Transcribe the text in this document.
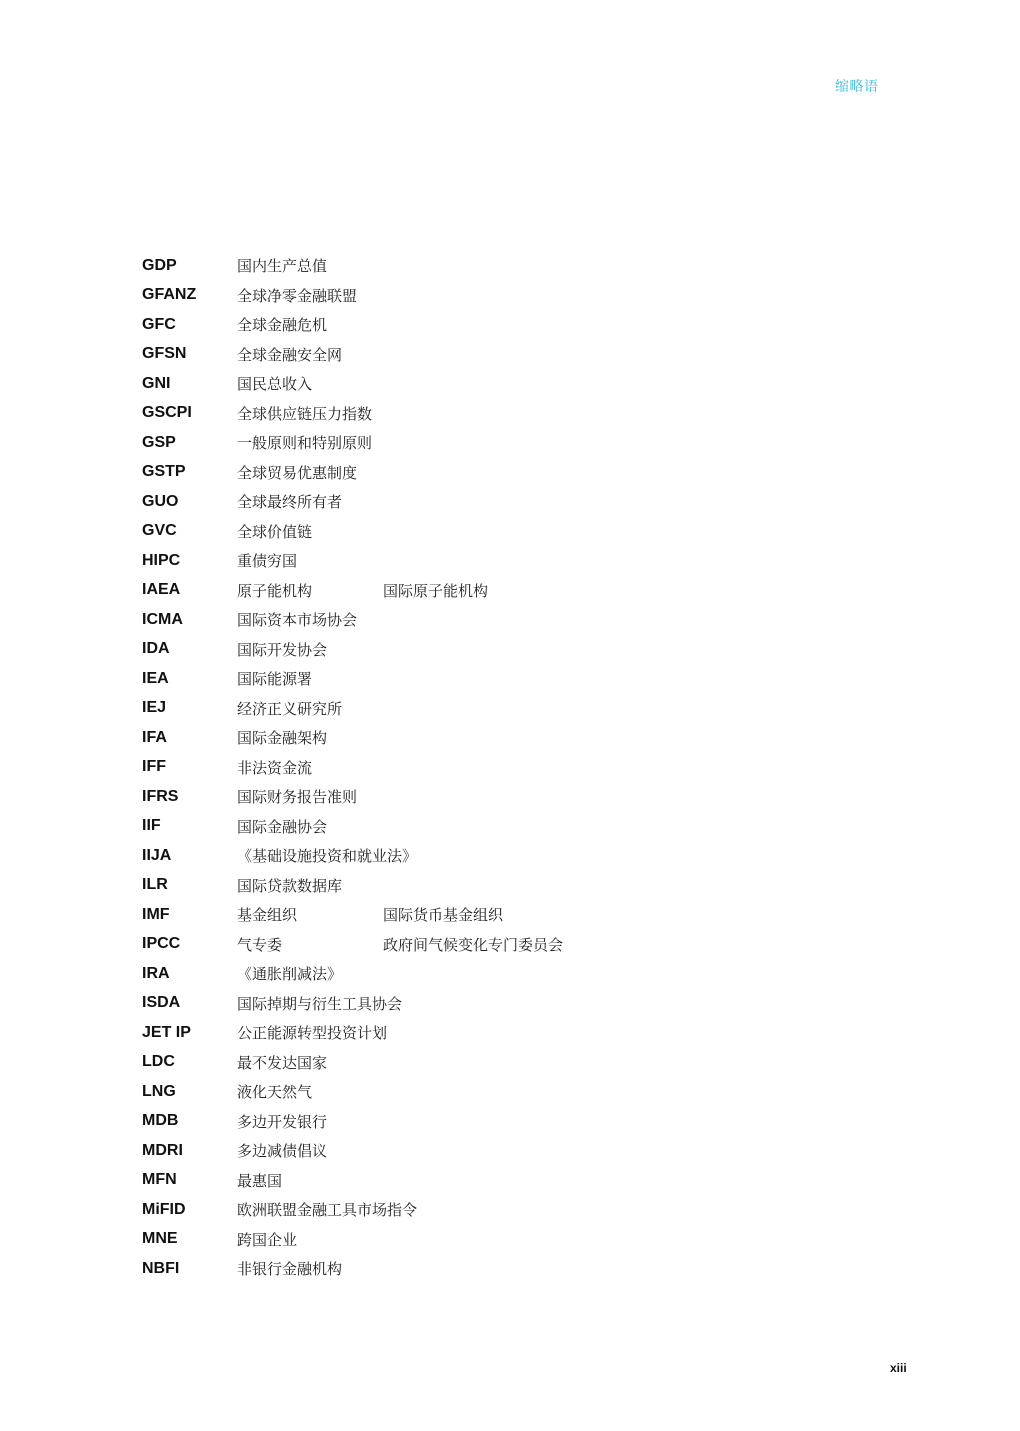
缩略语
GDP	国内生产总值
GFANZ	全球净零金融联盟
GFC	全球金融危机
GFSN	全球金融安全网
GNI	国民总收入
GSCPI	全球供应链压力指数
GSP	一般原则和特别原则
GSTP	全球贸易优惠制度
GUO	全球最终所有者
GVC	全球价值链
HIPC	重债穷国
IAEA	原子能机构	国际原子能机构
ICMA	国际资本市场协会
IDA	国际开发协会
IEA	国际能源署
IEJ	经济正义研究所
IFA	国际金融架构
IFF	非法资金流
IFRS	国际财务报告准则
IIF	国际金融协会
IIJA	《基础设施投资和就业法》
ILR	国际贷款数据库
IMF	基金组织	国际货币基金组织
IPCC	气专委	政府间气候变化专门委员会
IRA	《通胀削减法》
ISDA	国际掉期与衍生工具协会
JET IP	公正能源转型投资计划
LDC	最不发达国家
LNG	液化天然气
MDB	多边开发银行
MDRI	多边减债倡议
MFN	最惠国
MiFID	欧洲联盟金融工具市场指令
MNE	跨国企业
NBFI	非银行金融机构
xiii
